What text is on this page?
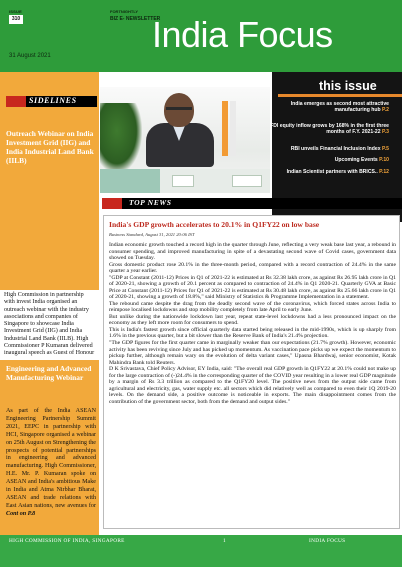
ISSUE
310
FORTNIGHTLY
BIZ E- NEWSLETTER
31 August 2021
India Focus
SIDELINES
Outreach Webinar on India Investment Grid (IIG) and India Industrial Land Bank (IILB)
High Commission in partnership with invest India organised an outreach webinar with the industry associations and companies of Singapore to showcase India Investment Grid (IIG) and India Industrial Land Bank (IILB). High Commissioner P Kumaran delivered inaugural speech as Guest of Honour
Engineering and Advanced Manufacturing Webinar
As part of the India ASEAN Engineering Partnership Summit 2021, EEPC in partnership with HCI, Singapore organised a webinar on 25th August on Strengthening the prospects of potential partnerships in engineering and advanced manufacturing. High Commissioner, H.E. Mr. P. Kumaran spoke on ASEAN and India's ambitious Make in India and Atma Nirbhar Bharat, ASEAN and trade relations with East Asian nations, new avenues for Cont on P.8
this issue
India emerges as second most attractive manufacturing hub P.2
FDI equity inflow grows by 168% in the first three months of F.Y. 2021-22 P.3
RBI unveils Financial Inclusion Index P.5
Upcoming Events P.10
Indian Scientist partners with BRICS.. P.12
TOP NEWS
India's GDP growth accelerates to 20.1% in Q1FY22 on low base
Business Standard, August 31, 2021 20:06 IST

Indian economic growth touched a record high in the quarter through June, reflecting a very weak base last year, a rebound in consumer spending, and improved manufacturing in spite of a devastating second wave of Covid cases, government data showed on Tuesday.

Gross domestic product rose 20.1% in the three-month period, compared with a record contraction of 24.4% in the same quarter a year earlier.

"GDP at Constant (2011-12) Prices in Q1 of 2021-22 is estimated at Rs 32.38 lakh crore, as against Rs 26.95 lakh crore in Q1 of 2020-21, showing a growth of 20.1 percent as compared to contraction of 24.4% in Q1 2020-21. Quarterly GVA at Basic Price at Constant (2011-12) Prices for Q1 of 2021-22 is estimated at Rs 30.48 lakh crore, as against Rs 25.66 lakh crore in Q1 of 2020-21, showing a growth of 18.8%," said Ministry of Statistics & Programme Implementation in a statement.

The rebound came despite the drag from the deadly second wave of the coronavirus, which forced states across India to reimpose localised lockdowns and stop mobility completely from late April to early June.

But unlike during the nationwide lockdown last year, repeat state-level lockdowns had a less pronounced impact on the economy as they left more room for consumers to spend.

This is India's fastest growth since official quarterly data started being released in the mid-1990s, which is up sharply from 1.6% in the previous quarter, but a bit slower than the Reserve Bank of India's 21.4% projection.

"The GDP figures for the first quarter came in marginally weaker than our expectations (21.7% growth). However, economic activity has been reviving since July and has picked up momentum. As vaccination pace picks up we expect the momentum to pickup further, although remain wary on the evolution of delta variant cases," Upasna Bhardwaj, senior economist, Kotak Mahindra Bank told Reuters.

D K Srivastava, Chief Policy Advisor, EY India, said: "The overall real GDP growth in Q1FY22 at 20.1% could not make up for the large contraction of (-)24.4% in the corresponding quarter of the COVID year resulting in a lower real GDP magnitude by a margin of Rs 3.3 trillion as compared to the Q1FY20 level. The positive news from the output side came from agricultural and electricity, gas, water supply etc. all sectors which did relatively well as compared to even their 1Q 2019-20 levels. On the demand side, a positive outcome is noticeable in exports. The main disappointment comes from the contribution of the government sector, both from the demand and output sides."

HIGH COMMISSION OF INDIA, SINGAPORE	1	INDIA FOCUS
